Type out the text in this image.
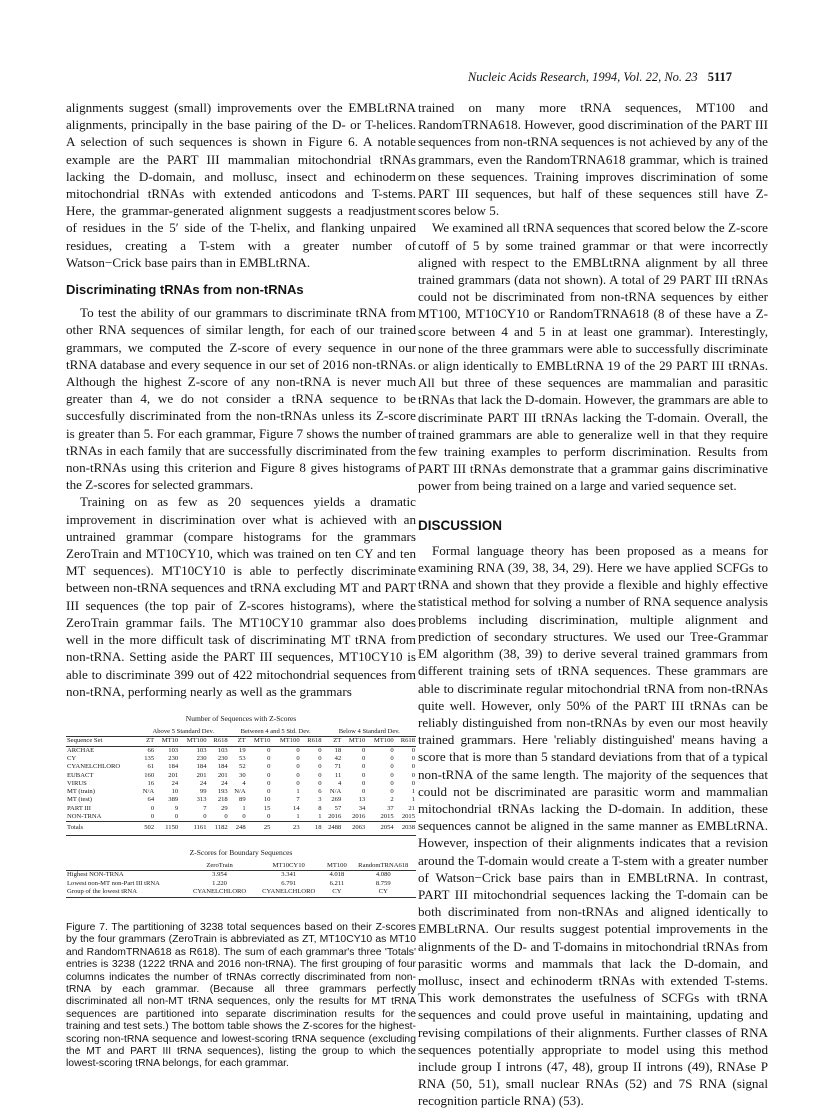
Nucleic Acids Research, 1994, Vol. 22, No. 23 5117

alignments suggest (small) improvements over the EMBLtRNA alignments, principally in the base pairing of the D- or T-helices. A selection of such sequences is shown in Figure 6. A notable example are the PART III mammalian mitochondrial tRNAs lacking the D-domain, and mollusc, insect and echinoderm mitochondrial tRNAs with extended anticodons and T-stems. Here, the grammar-generated alignment suggests a readjustment of residues in the 5′ side of the T-helix, and flanking unpaired residues, creating a T-stem with a greater number of Watson−Crick base pairs than in EMBLtRNA.

Discriminating tRNAs from non-tRNAs

To test the ability of our grammars to discriminate tRNA from other RNA sequences of similar length, for each of our trained grammars, we computed the Z-score of every sequence in our tRNA database and every sequence in our set of 2016 non-tRNAs. Although the highest Z-score of any non-tRNA is never much greater than 4, we do not consider a tRNA sequence to be succesfully discriminated from the non-tRNAs unless its Z-score is greater than 5. For each grammar, Figure 7 shows the number of tRNAs in each family that are successfully discriminated from the non-tRNAs using this criterion and Figure 8 gives histograms of the Z-scores for selected grammars.

Training on as few as 20 sequences yields a dramatic improvement in discrimination over what is achieved with an untrained grammar (compare histograms for the grammars ZeroTrain and MT10CY10, which was trained on ten CY and ten MT sequences). MT10CY10 is able to perfectly discriminate between non-tRNA sequences and tRNA excluding MT and PART III sequences (the top pair of Z-scores histograms), where the ZeroTrain grammar fails. The MT10CY10 grammar also does well in the more difficult task of discriminating MT tRNA from non-tRNA. Setting aside the PART III sequences, MT10CY10 is able to discriminate 399 out of 422 mitochondrial sequences from non-tRNA, performing nearly as well as the grammars

Number of Sequences with Z-Scores
	Above 5 Standard Dev.				Between 4 and 5 Std. Dev.				Below 4 Standard Dev.			
Sequence Set	ZT	MT10	MT100	R618	ZT	MT10	MT100	R618	ZT	MT10	MT100	R618
ARCHAE	66	103	103	103	19	0	0	0	18	0	0	0
CY	135	230	230	230	53	0	0	0	42	0	0	0
CYANELCHLORO	61	184	184	184	52	0	0	0	71	0	0	0
EUBACT	160	201	201	201	30	0	0	0	11	0	0	0
VIRUS	16	24	24	24	4	0	0	0	4	0	0	0
MT (train)	N/A	10	99	193	N/A	0	1	6	N/A	0	0	1
MT (test)	64	389	313	218	89	10	7	3	269	13	2	1
PART III	0	9	7	29	1	15	14	8	57	34	37	21
NON-TRNA	0	0	0	0	0	0	1	1	2016	2016	2015	2015
Totals	502	1150	1161	1182	248	25	23	18	2488	2063	2054	2038
Z-Scores for Boundary Sequences
	ZeroTrain	MT10CY10	MT100	RandomTRNA618
Highest NON-TRNA	3.954	3.341	4.018	4.080
Lowest non-MT non-Part III tRNA	1.220	6.791	6.211	8.759
Group of the lowest tRNA	CYANELCHLORO	CYANELCHLORO	CY	CY
Figure 7. The partitioning of 3238 total sequences based on their Z-scores by the four grammars (ZeroTrain is abbreviated as ZT, MT10CY10 as MT10 and RandomTRNA618 as R618). The sum of each grammar's three 'Totals' entries is 3238 (1222 tRNA and 2016 non-tRNA). The first grouping of four columns indicates the number of tRNAs correctly discriminated from non-tRNA by each grammar. (Because all three grammars perfectly discriminated all non-MT tRNA sequences, only the results for MT tRNA sequences are partitioned into separate discrimination results for the training and test sets.) The bottom table shows the Z-scores for the highest-scoring non-tRNA sequence and lowest-scoring tRNA sequence (excluding the MT and PART III tRNA sequences), listing the group to which the lowest-scoring tRNA belongs, for each grammar.

trained on many more tRNA sequences, MT100 and RandomTRNA618. However, good discrimination of the PART III sequences from non-tRNA sequences is not achieved by any of the grammars, even the RandomTRNA618 grammar, which is trained on these sequences. Training improves discrimination of some PART III sequences, but half of these sequences still have Z-scores below 5.

We examined all tRNA sequences that scored below the Z-score cutoff of 5 by some trained grammar or that were incorrectly aligned with respect to the EMBLtRNA alignment by all three trained grammars (data not shown). A total of 29 PART III tRNAs could not be discriminated from non-tRNA sequences by either MT100, MT10CY10 or RandomTRNA618 (8 of these have a Z-score between 4 and 5 in at least one grammar). Interestingly, none of the three grammars were able to successfully discriminate or align identically to EMBLtRNA 19 of the 29 PART III tRNAs. All but three of these sequences are mammalian and parasitic tRNAs that lack the D-domain. However, the grammars are able to discriminate PART III tRNAs lacking the T-domain. Overall, the trained grammars are able to generalize well in that they require few training examples to perform discrimination. Results from PART III tRNAs demonstrate that a grammar gains discriminative power from being trained on a large and varied sequence set.

DISCUSSION

Formal language theory has been proposed as a means for examining RNA (39, 38, 34, 29). Here we have applied SCFGs to tRNA and shown that they provide a flexible and highly effective statistical method for solving a number of RNA sequence analysis problems including discrimination, multiple alignment and prediction of secondary structures. We used our Tree-Grammar EM algorithm (38, 39) to derive several trained grammars from different training sets of tRNA sequences. These grammars are able to discriminate regular mitochondrial tRNA from non-tRNAs quite well. However, only 50% of the PART III tRNAs can be reliably distinguished from non-tRNAs by even our most heavily trained grammars. Here 'reliably distinguished' means having a score that is more than 5 standard deviations from that of a typical non-tRNA of the same length. The majority of the sequences that could not be discriminated are parasitic worm and mammalian mitochondrial tRNAs lacking the D-domain. In addition, these sequences cannot be aligned in the same manner as EMBLtRNA. However, inspection of their alignments indicates that a revision around the T-domain would create a T-stem with a greater number of Watson−Crick base pairs than in EMBLtRNA. In contrast, PART III mitochondrial sequences lacking the T-domain can be both discriminated from non-tRNAs and aligned identically to EMBLtRNA. Our results suggest potential improvements in the alignments of the D- and T-domains in mitochondrial tRNAs from parasitic worms and mammals that lack the D-domain, and mollusc, insect and echinoderm tRNAs with extended T-stems. This work demonstrates the usefulness of SCFGs with tRNA sequences and could prove useful in maintaining, updating and revising compilations of their alignments. Further classes of RNA sequences potentially appropriate to model using this method include group I introns (47, 48), group II introns (49), RNAse P RNA (50, 51), small nuclear RNAs (52) and 7S RNA (signal recognition particle RNA) (53).
